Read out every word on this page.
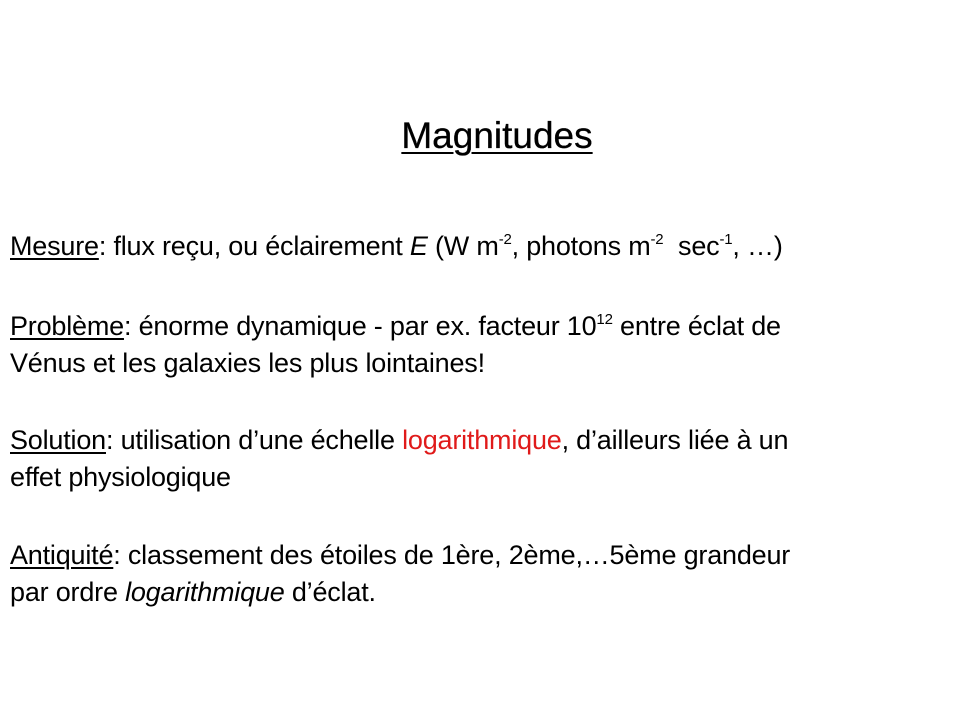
Magnitudes
Mesure: flux reçu, ou éclairement E (W $m^{-2}$, photons $m^{-2}$  $\sec^{-1}$, …)
Problème: énorme dynamique - par ex. facteur $10^{12}$ entre éclat de
Vénus et les galaxies les plus lointaines!
Solution: utilisation d’une échelle logarithmique, d’ailleurs liée à un
effet physiologique
Antiquité: classement des étoiles de 1ère, 2ème,…5ème grandeur
par ordre logarithmique d’éclat.
